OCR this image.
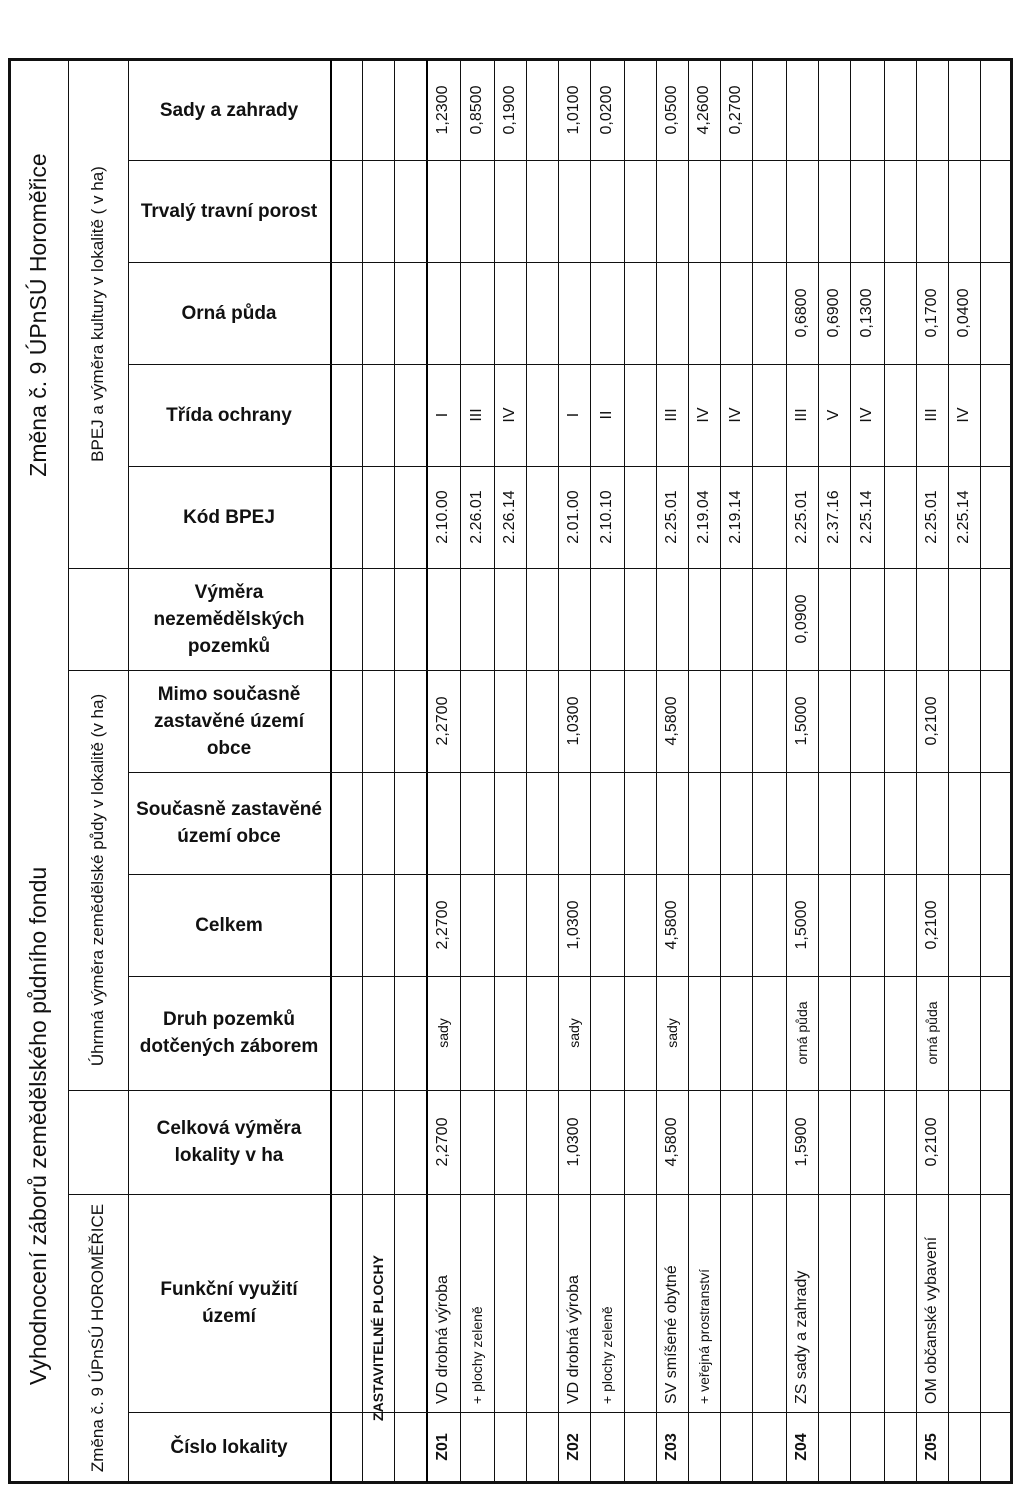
Vyhodnocení záborů zemědělského půdního fondu
Změna č. 9 ÚPnSÚ Horoměřice	BPEJ a výměra kultury v lokalitě ( v ha)
Úhrnná výměra zemědělské půdy v lokalitě (v ha)
Změna č. 9 ÚPnSÚ HOROMĚŘICE
Sady a zahrady
Trvalý travní porost
Orná půda
Třída ochrany
Kód BPEJ
Výměra nezemědělských pozemků
Mimo současně zastavěné území obce
Současně zastavěné území obce
Celkem
Druh pozemků dotčených záborem
Celková výměra lokality v ha
Funkční využití území
Číslo lokality
ZASTAVITELNÉ PLOCHY
1,2300
I
2.10.00
2,2700
2,2700
sady
2,2700
VD drobná výroba
Z01
0,8500
III
2.26.01
+ plochy zeleně
0,1900
IV
2.26.14
1,0100
I
2.01.00
1,0300
1,0300
sady
1,0300
VD drobná výroba
Z02
0,0200
II
2.10.10
+ plochy zeleně
0,0500
III
2.25.01
4,5800
4,5800
sady
4,5800
SV smíšené obytné
Z03
4,2600
IV
2.19.04
+ veřejná prostranství
0,2700
IV
2.19.14
0,6800
III
2.25.01
0,0900
1,5000
1,5000
orná půda
1,5900
ZS sady a zahrady
Z04
0,6900
V
2.37.16
0,1300
IV
2.25.14
0,1700
III
2.25.01
0,2100
0,2100
orná půda
0,2100
OM občanské vybavení
Z05
0,0400
IV
2.25.14
